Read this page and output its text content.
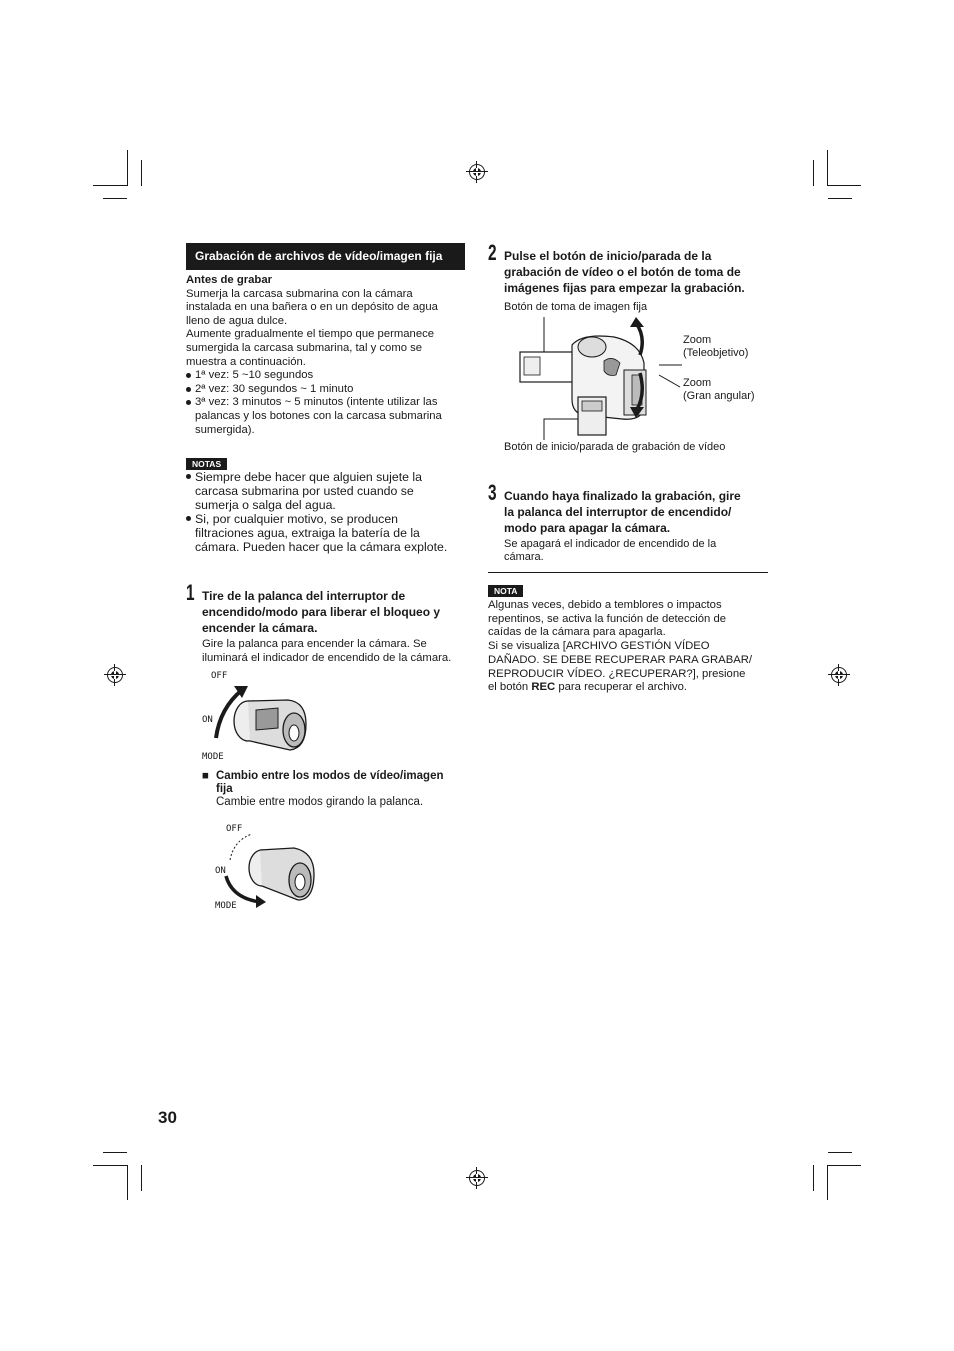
Grabación de archivos de vídeo/imagen fija
Antes de grabar
Sumerja la carcasa submarina con la cámara
instalada en una bañera o en un depósito de agua
lleno de agua dulce.
Aumente gradualmente el tiempo que permanece
sumergida la carcasa submarina, tal y como se
muestra a continuación.
1ª vez: 5 ~10 segundos
2ª vez: 30 segundos ~ 1 minuto
3ª vez: 3 minutos ~ 5 minutos (intente utilizar las
palancas y los botones con la carcasa submarina
sumergida).
NOTAS
Siempre debe hacer que alguien sujete la
carcasa submarina por usted cuando se
sumerja o salga del agua.
Si, por cualquier motivo, se producen
filtraciones agua, extraiga la batería de la
cámara. Pueden hacer que la cámara explote.
1 Tire de la palanca del interruptor de
encendido/modo para liberar el bloqueo y
encender la cámara.
Gire la palanca para encender la cámara. Se
iluminará el indicador de encendido de la cámara.
OFF
ON
MODE
■ Cambio entre los modos de vídeo/imagen
fija
Cambie entre modos girando la palanca.
OFF
ON
MODE
2 Pulse el botón de inicio/parada de la
grabación de vídeo o el botón de toma de
imágenes fijas para empezar la grabación.
Botón de toma de imagen fija
Zoom
(Teleobjetivo)
Zoom
(Gran angular)
Botón de inicio/parada de grabación de vídeo
3 Cuando haya finalizado la grabación, gire
la palanca del interruptor de encendido/
modo para apagar la cámara.
Se apagará el indicador de encendido de la
cámara.
NOTA
Algunas veces, debido a temblores o impactos
repentinos, se activa la función de detección de
caídas de la cámara para apagarla.
Si se visualiza [ARCHIVO GESTIÓN VÍDEO
DAÑADO. SE DEBE RECUPERAR PARA GRABAR/
REPRODUCIR VÍDEO. ¿RECUPERAR?], presione
el botón REC para recuperar el archivo.
30
